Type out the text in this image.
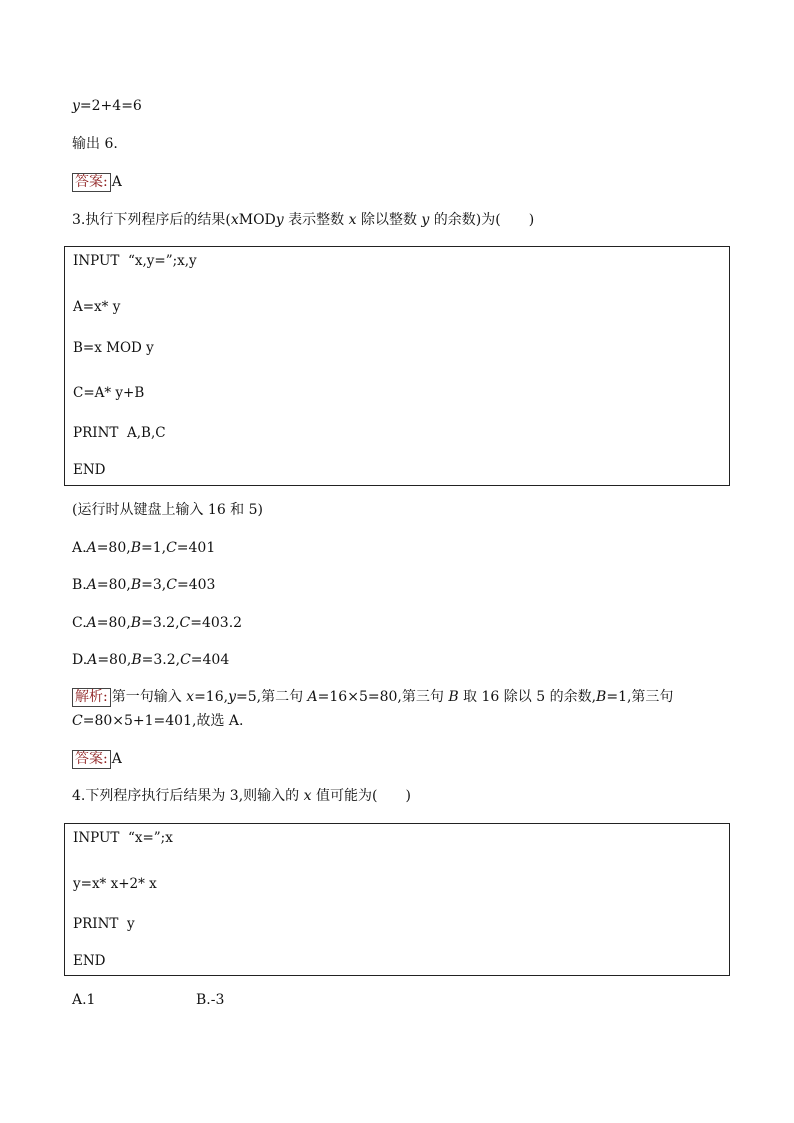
y=2+4=6
输出 6.
答案: A
3.执行下列程序后的结果(xMODy 表示整数 x 除以整数 y 的余数)为(　　)
INPUT  “x,y=”;x,y
A=x* y
B=x MOD y
C=A* y+B
PRINT  A,B,C
END
(运行时从键盘上输入 16 和 5)
A.A=80,B=1,C=401
B.A=80,B=3,C=403
C.A=80,B=3.2,C=403.2
D.A=80,B=3.2,C=404
解析: 第一句输入 x=16,y=5,第二句 A=16×5=80,第三句 B 取 16 除以 5 的余数,B=1,第三句
C=80×5+1=401,故选 A.
答案: A
4.下列程序执行后结果为 3,则输入的 x 值可能为(　　)
INPUT  “x=”;x
y=x* x+2* x
PRINT  y
END
A.1	B.-3
